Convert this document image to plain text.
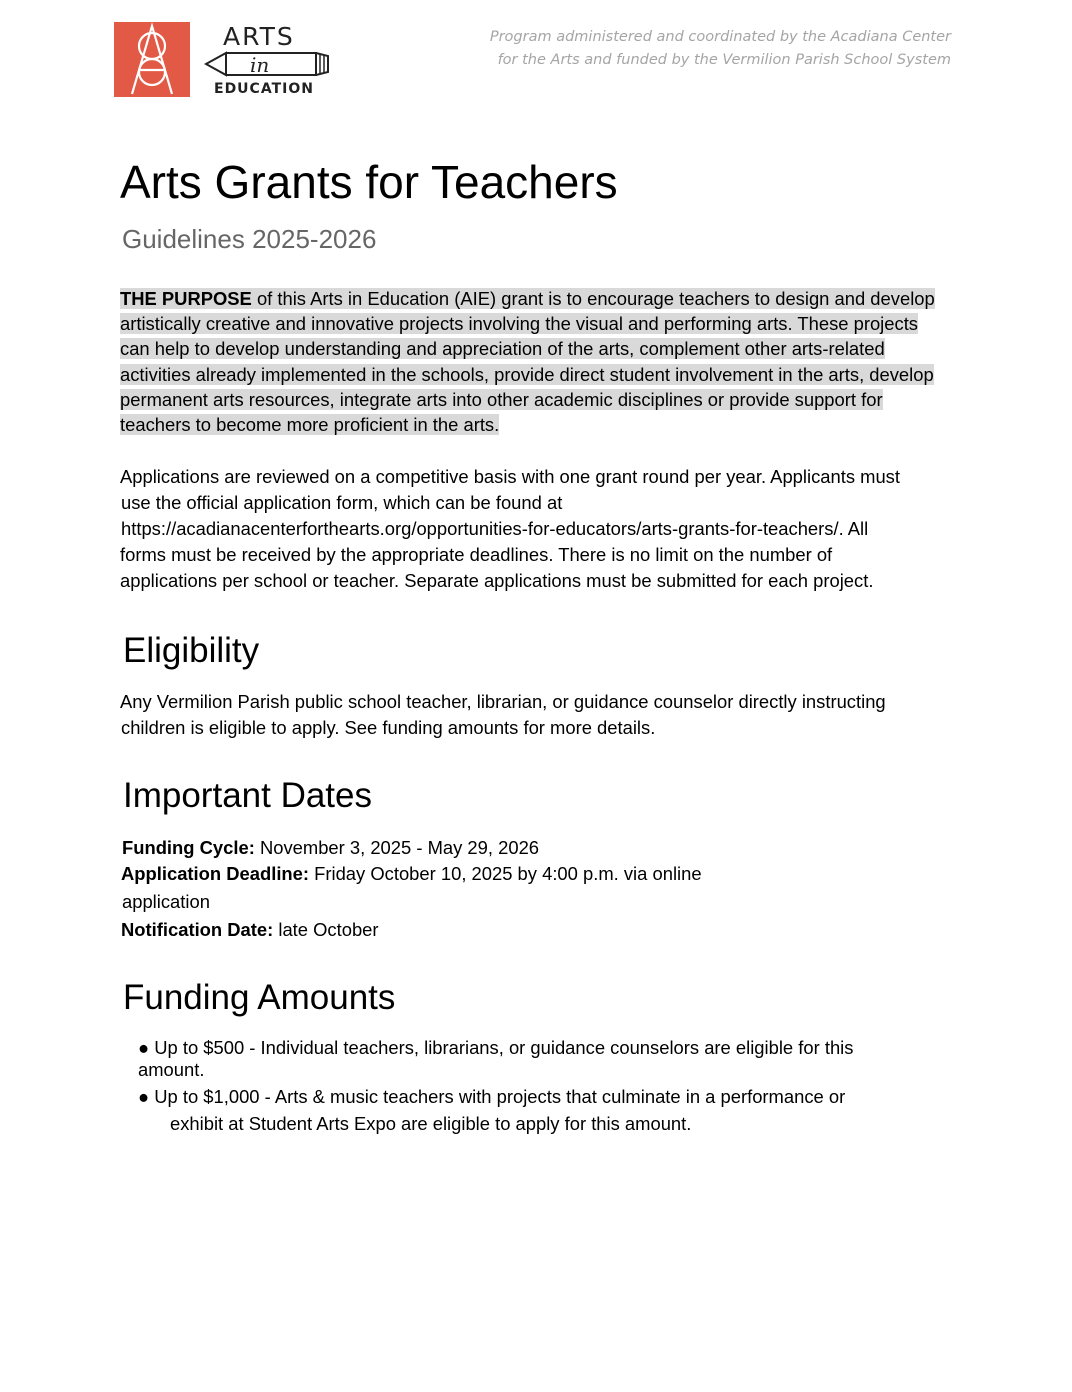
ARTS
in
EDUCATION
Program administered and coordinated by the Acadiana Center
for the Arts and funded by the Vermilion Parish School System
Arts Grants for Teachers
Guidelines 2025-2026

THE PURPOSE of this Arts in Education (AIE) grant is to encourage teachers to design and develop artistically creative and innovative projects involving the visual and performing arts. These projects can help to develop understanding and appreciation of the arts, complement other arts-related activities already implemented in the schools, provide direct student involvement in the arts, develop permanent arts resources, integrate arts into other academic disciplines or provide support for teachers to become more proficient in the arts.

Applications are reviewed on a competitive basis with one grant round per year. Applicants must
use the official application form, which can be found at
https://acadianacenterforthearts.org/opportunities-for-educators/arts-grants-for-teachers/. All
forms must be received by the appropriate deadlines. There is no limit on the number of
applications per school or teacher. Separate applications must be submitted for each project.
Eligibility
Any Vermilion Parish public school teacher, librarian, or guidance counselor directly instructing
children is eligible to apply. See funding amounts for more details.
Important Dates
Funding Cycle: November 3, 2025 - May 29, 2026
Application Deadline: Friday October 10, 2025 by 4:00 p.m. via online
application
Notification Date: late October
Funding Amounts
● Up to $500 - Individual teachers, librarians, or guidance counselors are eligible for this
amount.
● Up to $1,000 - Arts & music teachers with projects that culminate in a performance or
exhibit at Student Arts Expo are eligible to apply for this amount.
